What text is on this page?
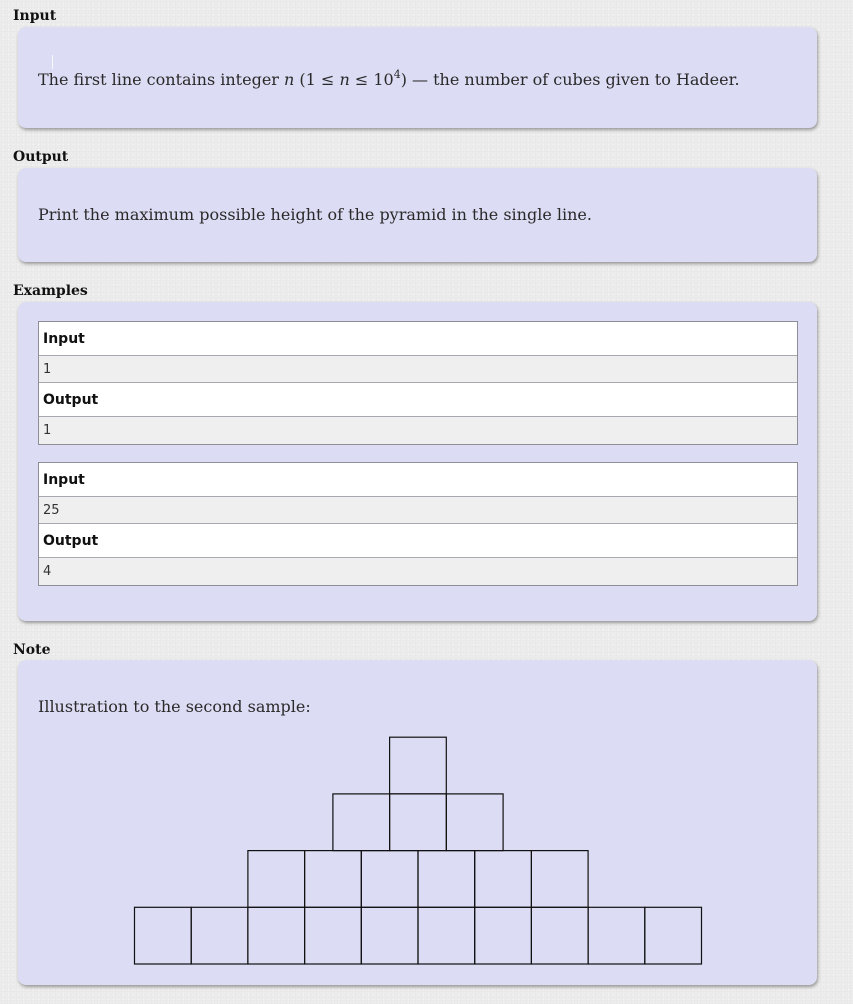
Input
The first line contains integer n $(1 \le n \le 10^4)$ — the number of cubes given to Hadeer.
Output
Print the maximum possible height of the pyramid in the single line.
Examples
Input
1
Output
1
Input
25
Output
4
Note
Illustration to the second sample:
